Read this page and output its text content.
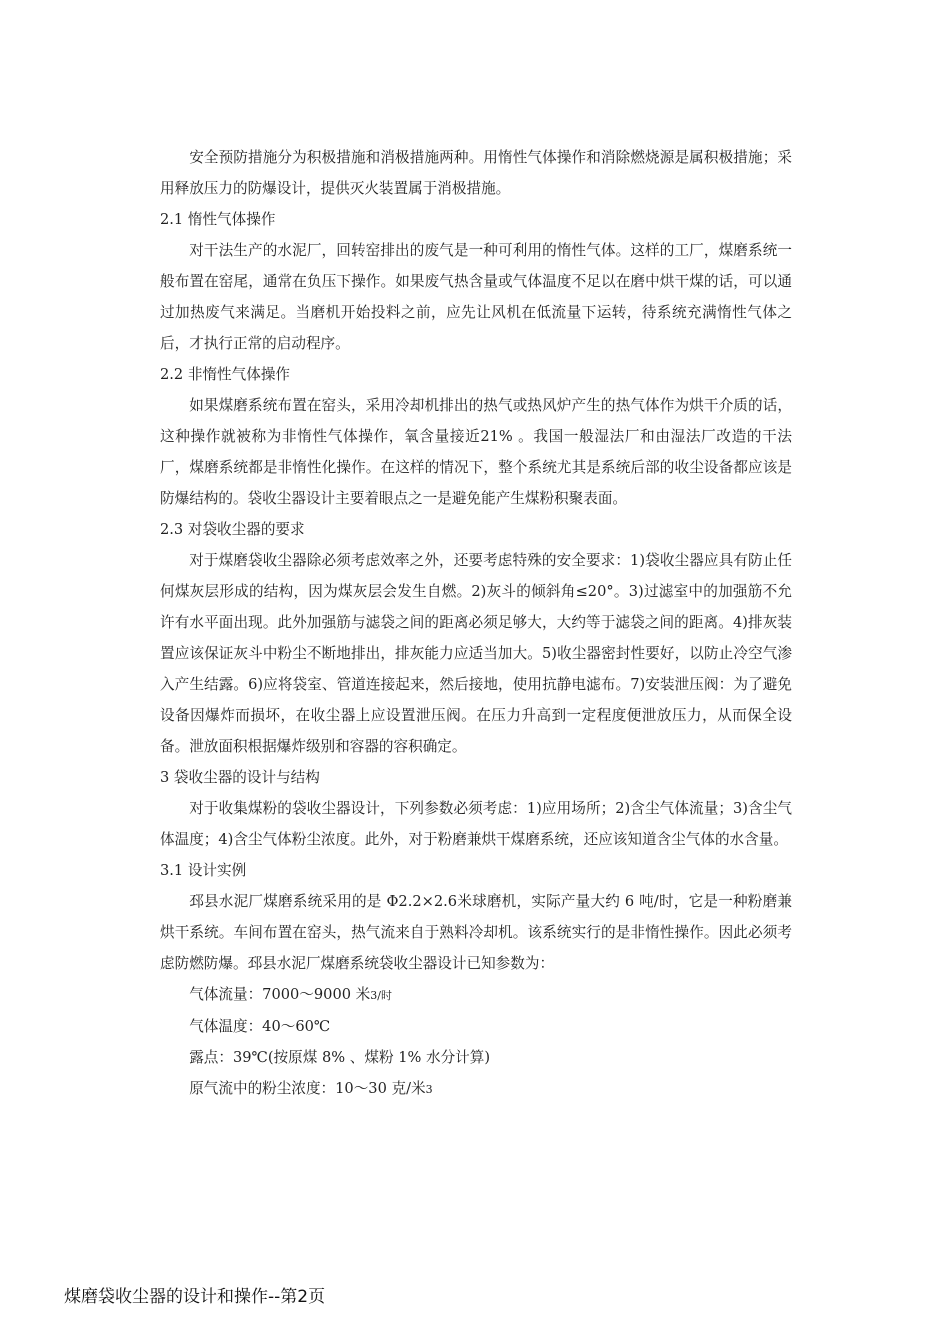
安全预防措施分为积极措施和消极措施两种。用惰性气体操作和消除燃烧源是属积极措施；采用释放压力的防爆设计，提供灭火装置属于消极措施。

2.1 惰性气体操作

对干法生产的水泥厂，回转窑排出的废气是一种可利用的惰性气体。这样的工厂，煤磨系统一般布置在窑尾，通常在负压下操作。如果废气热含量或气体温度不足以在磨中烘干煤的话，可以通过加热废气来满足。当磨机开始投料之前，应先让风机在低流量下运转，待系统充满惰性气体之后，才执行正常的启动程序。

2.2 非惰性气体操作

如果煤磨系统布置在窑头，采用冷却机排出的热气或热风炉产生的热气体作为烘干介质的话，这种操作就被称为非惰性气体操作，氧含量接近21% 。我国一般湿法厂和由湿法厂改造的干法厂，煤磨系统都是非惰性化操作。在这样的情况下，整个系统尤其是系统后部的收尘设备都应该是防爆结构的。袋收尘器设计主要着眼点之一是避免能产生煤粉积聚表面。

2.3 对袋收尘器的要求

对于煤磨袋收尘器除必须考虑效率之外，还要考虑特殊的安全要求：1)袋收尘器应具有防止任何煤灰层形成的结构，因为煤灰层会发生自燃。2)灰斗的倾斜角≤20°。3)过滤室中的加强筋不允许有水平面出现。此外加强筋与滤袋之间的距离必须足够大，大约等于滤袋之间的距离。4)排灰装置应该保证灰斗中粉尘不断地排出，排灰能力应适当加大。5)收尘器密封性要好，以防止冷空气渗入产生结露。6)应将袋室、管道连接起来，然后接地，使用抗静电滤布。7)安装泄压阀：为了避免设备因爆炸而损坏，在收尘器上应设置泄压阀。在压力升高到一定程度便泄放压力，从而保全设备。泄放面积根据爆炸级别和容器的容积确定。

3 袋收尘器的设计与结构

对于收集煤粉的袋收尘器设计，下列参数必须考虑：1)应用场所；2)含尘气体流量；3)含尘气体温度；4)含尘气体粉尘浓度。此外，对于粉磨兼烘干煤磨系统，还应该知道含尘气体的水含量。

3.1 设计实例

邳县水泥厂煤磨系统采用的是 Φ2.2×2.6米球磨机，实际产量大约 6 吨/时，它是一种粉磨兼烘干系统。车间布置在窑头，热气流来自于熟料冷却机。该系统实行的是非惰性操作。因此必须考虑防燃防爆。邳县水泥厂煤磨系统袋收尘器设计已知参数为：

气体流量：7000～9000 米3/时

气体温度：40～60℃

露点：39℃(按原煤 8% 、煤粉 1% 水分计算)

原气流中的粉尘浓度：10～30 克/米3

煤磨袋收尘器的设计和操作--第2页
